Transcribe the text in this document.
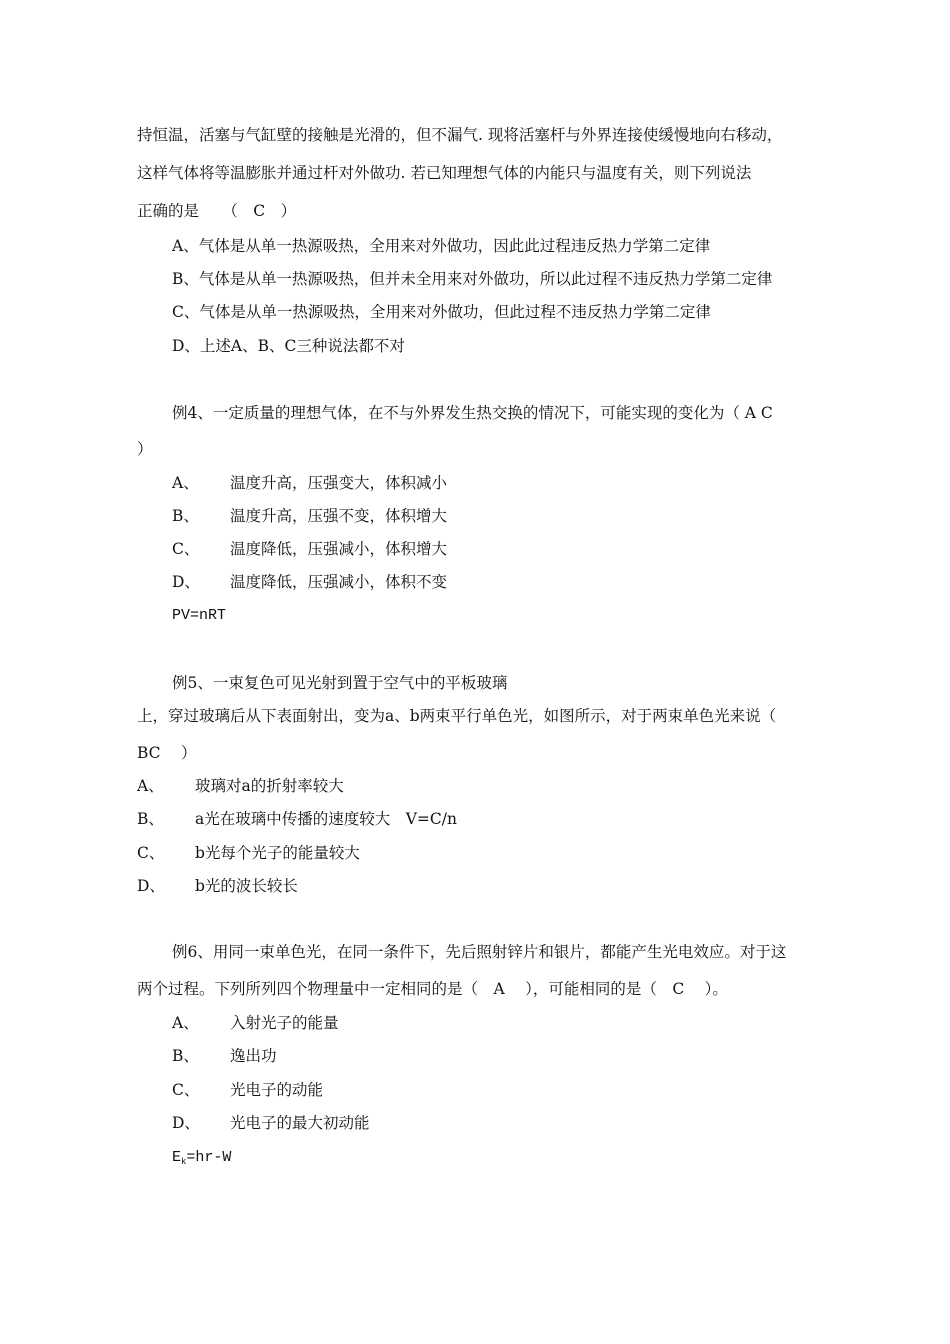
持恒温，活塞与气缸壁的接触是光滑的，但不漏气. 现将活塞杆与外界连接使缓慢地向右移动，
这样气体将等温膨胀并通过杆对外做功. 若已知理想气体的内能只与温度有关，则下列说法
正确的是　　（　C　）
A、气体是从单一热源吸热，全用来对外做功，因此此过程违反热力学第二定律
B、气体是从单一热源吸热，但并未全用来对外做功，所以此过程不违反热力学第二定律
C、气体是从单一热源吸热，全用来对外做功，但此过程不违反热力学第二定律
D、上述A、B、C三种说法都不对
例4、一定质量的理想气体，在不与外界发生热交换的情况下，可能实现的变化为（ A C
）
A、 温度升高，压强变大，体积减小
B、 温度升高，压强不变，体积增大
C、 温度降低，压强减小，体积增大
D、 温度降低，压强减小，体积不变
PV=nRT
例5、一束复色可见光射到置于空气中的平板玻璃
上，穿过玻璃后从下表面射出，变为a、b两束平行单色光，如图所示，对于两束单色光来说（
BC　 ）
A、 玻璃对a的折射率较大
B、 a光在玻璃中传播的速度较大　V=C/n
C、 b光每个光子的能量较大
D、 b光的波长较长
例6、用同一束单色光，在同一条件下，先后照射锌片和银片，都能产生光电效应。对于这
两个过程。下列所列四个物理量中一定相同的是（　A　 ），可能相同的是（　C　 ）。
A、 入射光子的能量
B、 逸出功
C、 光电子的动能
D、 光电子的最大初动能
$E_k=hr-W$
